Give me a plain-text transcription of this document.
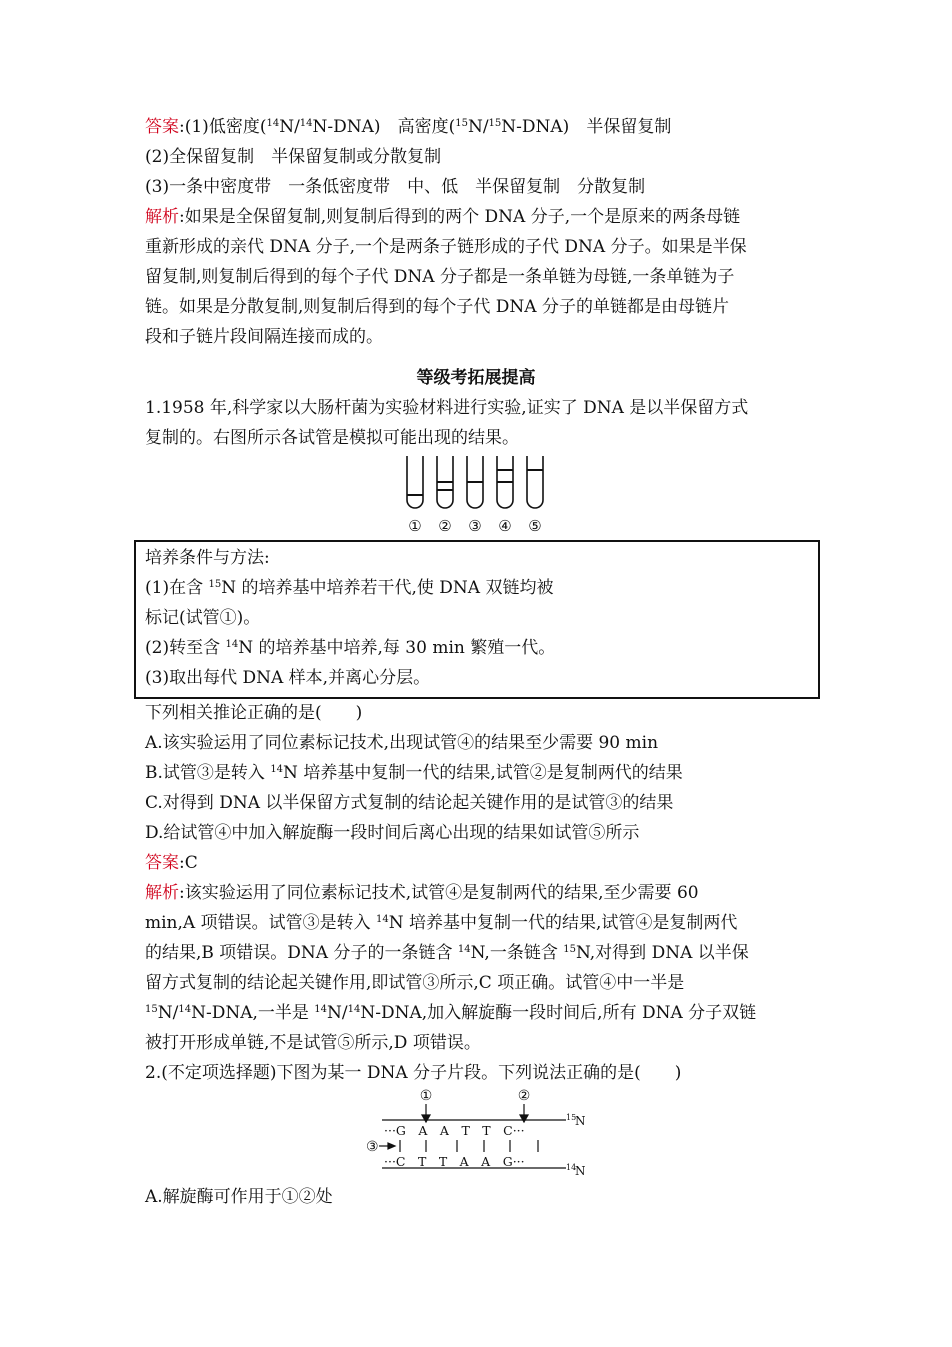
答案:(1)低密度($^{14}$N/$^{14}$N-DNA)　高密度($^{15}$N/$^{15}$N-DNA)　半保留复制
(2)全保留复制　半保留复制或分散复制
(3)一条中密度带　一条低密度带　中、低　半保留复制　分散复制
解析:如果是全保留复制,则复制后得到的两个 DNA 分子,一个是原来的两条母链
重新形成的亲代 DNA 分子,一个是两条子链形成的子代 DNA 分子。如果是半保
留复制,则复制后得到的每个子代 DNA 分子都是一条单链为母链,一条单链为子
链。如果是分散复制,则复制后得到的每个子代 DNA 分子的单链都是由母链片
段和子链片段间隔连接而成的。
等级考拓展提高
1.1958 年,科学家以大肠杆菌为实验材料进行实验,证实了 DNA 是以半保留方式
复制的。右图所示各试管是模拟可能出现的结果。
① ② ③ ④ ⑤
培养条件与方法:
(1)在含 $^{15}$N 的培养基中培养若干代,使 DNA 双链均被
标记(试管①)。
(2)转至含 $^{14}$N 的培养基中培养,每 30 min 繁殖一代。
(3)取出每代 DNA 样本,并离心分层。
下列相关推论正确的是(　　)
A.该实验运用了同位素标记技术,出现试管④的结果至少需要 90 min
B.试管③是转入 $^{14}$N 培养基中复制一代的结果,试管②是复制两代的结果
C.对得到 DNA 以半保留方式复制的结论起关键作用的是试管③的结果
D.给试管④中加入解旋酶一段时间后离心出现的结果如试管⑤所示
答案:C
解析:该实验运用了同位素标记技术,试管④是复制两代的结果,至少需要 60
min,A 项错误。试管③是转入 $^{14}$N 培养基中复制一代的结果,试管④是复制两代
的结果,B 项错误。DNA 分子的一条链含 $^{14}$N,一条链含 $^{15}$N,对得到 DNA 以半保
留方式复制的结论起关键作用,即试管③所示,C 项正确。试管④中一半是
$^{15}$N/$^{14}$N-DNA,一半是 $^{14}$N/$^{14}$N-DNA,加入解旋酶一段时间后,所有 DNA 分子双链
被打开形成单链,不是试管⑤所示,D 项错误。
2.(不定项选择题)下图为某一 DNA 分子片段。下列说法正确的是(　　)
①	②
···G　A　A　T　T　C···
③
···C　T　T　A　A　G···
15
N
14
N
A.解旋酶可作用于①②处
